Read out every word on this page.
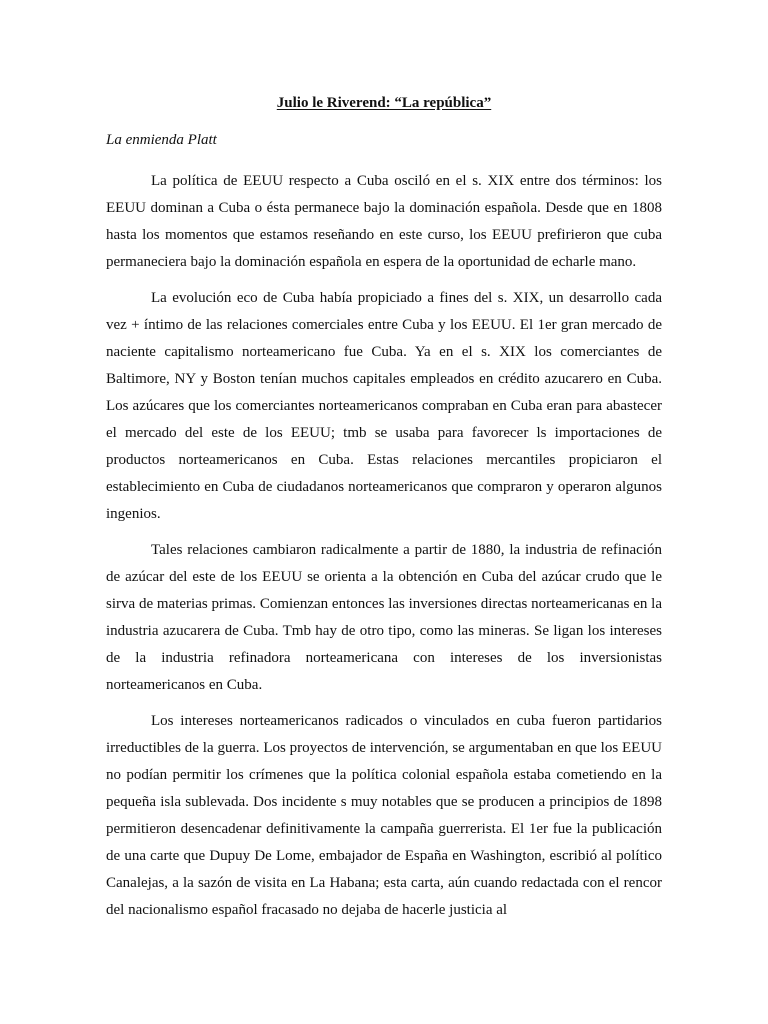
Julio le Riverend: “La república”
La enmienda Platt

La política de EEUU respecto a Cuba osciló en el s. XIX entre dos términos: los EEUU dominan a Cuba o ésta permanece bajo la dominación española. Desde que en 1808 hasta los momentos que estamos reseñando en este curso, los EEUU prefirieron que cuba permaneciera bajo la dominación española en espera de la oportunidad de echarle mano.

La evolución eco de Cuba había propiciado a fines del s. XIX, un desarrollo cada vez + íntimo de las relaciones comerciales entre Cuba y los EEUU. El 1er gran mercado de naciente capitalismo norteamericano fue Cuba. Ya en el s. XIX los comerciantes de Baltimore, NY y Boston tenían muchos capitales empleados en crédito azucarero en Cuba. Los azúcares que los comerciantes norteamericanos compraban en Cuba eran para abastecer el mercado del este de los EEUU; tmb se usaba para favorecer ls importaciones de productos norteamericanos en Cuba. Estas relaciones mercantiles propiciaron el establecimiento en Cuba de ciudadanos norteamericanos que compraron y operaron algunos ingenios.

Tales relaciones cambiaron radicalmente a partir de 1880, la industria de refinación de azúcar del este de los EEUU se orienta a la obtención en Cuba del azúcar crudo que le sirva de materias primas. Comienzan entonces las inversiones directas norteamericanas en la industria azucarera de Cuba. Tmb hay de otro tipo, como las mineras. Se ligan los intereses de la industria refinadora norteamericana con intereses de los inversionistas norteamericanos en Cuba.

Los intereses norteamericanos radicados o vinculados en cuba fueron partidarios irreductibles de la guerra. Los proyectos de intervención, se argumentaban en que los EEUU no podían permitir los crímenes que la política colonial española estaba cometiendo en la pequeña isla sublevada. Dos incidente s muy notables que se producen a principios de 1898 permitieron desencadenar definitivamente la campaña guerrerista. El 1er fue la publicación de una carte que Dupuy De Lome, embajador de España en Washington, escribió al político Canalejas, a la sazón de visita en La Habana; esta carta, aún cuando redactada con el rencor del nacionalismo español fracasado no dejaba de hacerle justicia al
